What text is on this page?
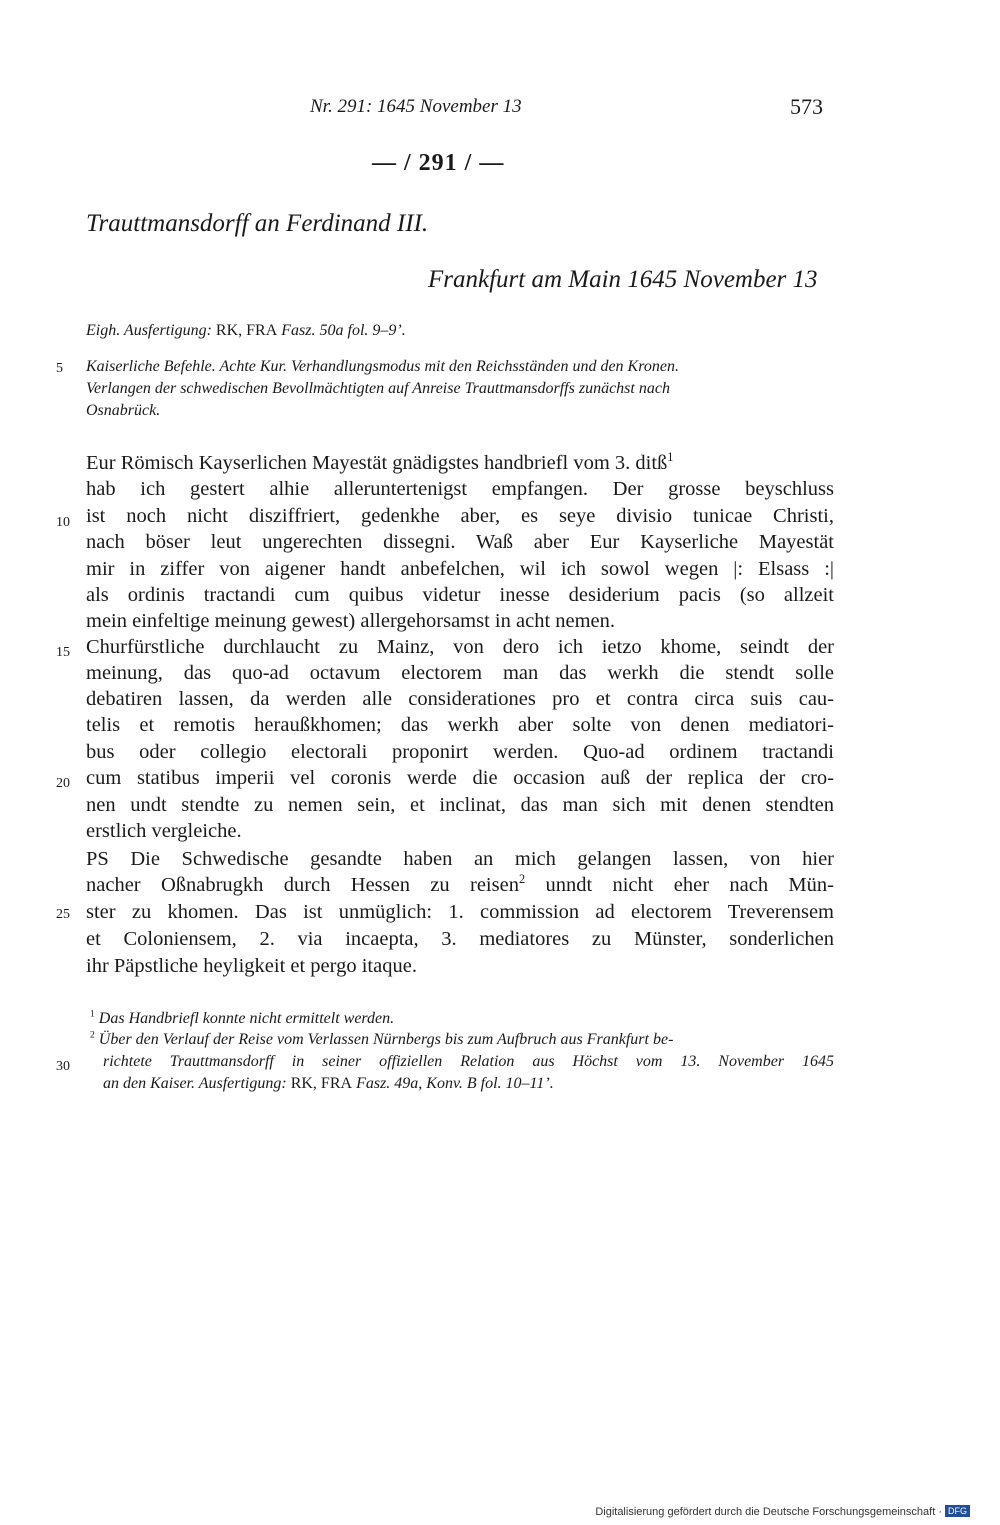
Nr. 291: 1645 November 13	573
— / 291 / —
Trauttmansdorff an Ferdinand III.
Frankfurt am Main 1645 November 13
Eigh. Ausfertigung: RK, FRA Fasz. 50a fol. 9–9’.
5
10
15
20
25
30
Kaiserliche Befehle. Achte Kur. Verhandlungsmodus mit den Reichsständen und den Kronen.
Verlangen der schwedischen Bevollmächtigten auf Anreise Trauttmansdorffs zunächst nach
Osnabrück.
Eur Römisch Kayserlichen Mayestät gnädigstes handbriefl vom 3. ditß$^1$
hab ich gestert alhie alleruntertenigst empfangen. Der grosse beyschluss
ist noch nicht disziffriert, gedenkhe aber, es seye divisio tunicae Christi,
nach böser leut ungerechten dissegni. Waß aber Eur Kayserliche Mayestät
mir in ziffer von aigener handt anbefelchen, wil ich sowol wegen |: Elsass :|
als ordinis tractandi cum quibus videtur inesse desiderium pacis (so allzeit
mein einfeltige meinung gewest) allergehorsamst in acht nemen.
Churfürstliche durchlaucht zu Mainz, von dero ich ietzo khome, seindt der
meinung, das quo-ad octavum electorem man das werkh die stendt solle
debatiren lassen, da werden alle considerationes pro et contra circa suis cau-
telis et remotis heraußkhomen; das werkh aber solte von denen mediatori-
bus oder collegio electorali proponirt werden. Quo-ad ordinem tractandi
cum statibus imperii vel coronis werde die occasion auß der replica der cro-
nen undt stendte zu nemen sein, et inclinat, das man sich mit denen stendten
erstlich vergleiche.
PS Die Schwedische gesandte haben an mich gelangen lassen, von hier
nacher Oßnabrugkh durch Hessen zu reisen$^2$ unndt nicht eher nach Mün-
ster zu khomen. Das ist unmüglich: 1. commission ad electorem Treverensem
et Coloniensem, 2. via incaepta, 3. mediatores zu Münster, sonderlichen
ihr Päpstliche heyligkeit et pergo itaque.
$^1$ Das Handbriefl konnte nicht ermittelt werden.
$^2$ Über den Verlauf der Reise vom Verlassen Nürnbergs bis zum Aufbruch aus Frankfurt be-
richtete Trauttmansdorff in seiner offiziellen Relation aus Höchst vom 13. November 1645
an den Kaiser. Ausfertigung: RK, FRA Fasz. 49a, Konv. B fol. 10–11’.
Digitalisierung gefördert durch die Deutsche Forschungsgemeinschaft · DFG
